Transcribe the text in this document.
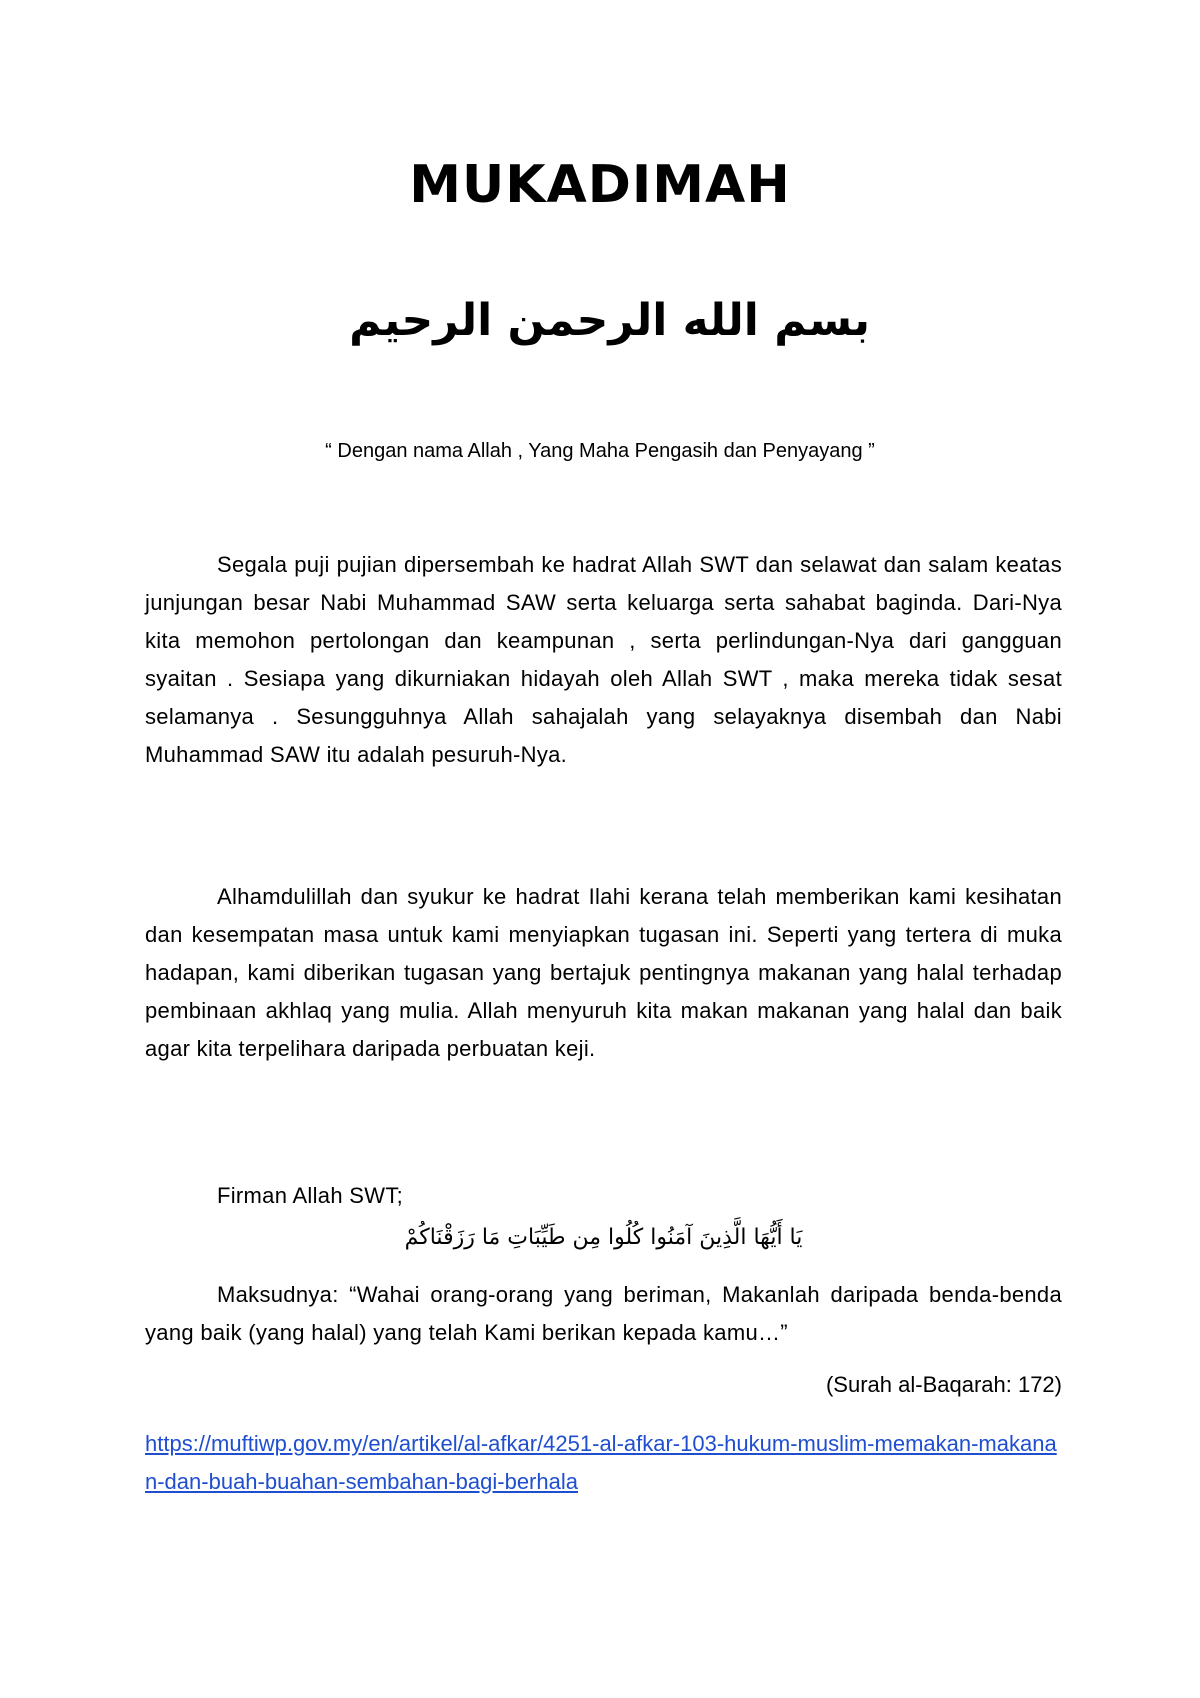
MUKADIMAH
بسم الله الرحمن الرحيم
“ Dengan nama Allah , Yang Maha Pengasih dan Penyayang ”
Segala puji pujian dipersembah ke hadrat Allah SWT dan selawat dan salam keatas junjungan besar Nabi Muhammad SAW serta keluarga serta sahabat baginda. Dari-Nya kita memohon pertolongan dan keampunan , serta perlindungan-Nya dari gangguan syaitan . Sesiapa yang dikurniakan hidayah oleh Allah SWT , maka mereka tidak sesat selamanya . Sesungguhnya Allah sahajalah yang selayaknya disembah dan Nabi Muhammad SAW itu adalah pesuruh-Nya.
Alhamdulillah dan syukur ke hadrat Ilahi kerana telah memberikan kami kesihatan dan kesempatan masa untuk kami menyiapkan tugasan ini. Seperti yang tertera di muka hadapan, kami diberikan tugasan yang bertajuk pentingnya makanan yang halal terhadap pembinaan akhlaq yang mulia. Allah menyuruh kita makan makanan yang halal dan baik agar kita terpelihara daripada perbuatan keji.
Firman Allah SWT;
يَا أَيُّهَا الَّذِينَ آمَنُوا كُلُوا مِن طَيِّبَاتِ مَا رَزَقْنَاكُمْ
Maksudnya: “Wahai orang-orang yang beriman, Makanlah daripada benda-benda yang baik (yang halal) yang telah Kami berikan kepada kamu…”
(Surah al-Baqarah: 172)
https://muftiwp.gov.my/en/artikel/al-afkar/4251-al-afkar-103-hukum-muslim-memakan-makanan-dan-buah-buahan-sembahan-bagi-berhala
